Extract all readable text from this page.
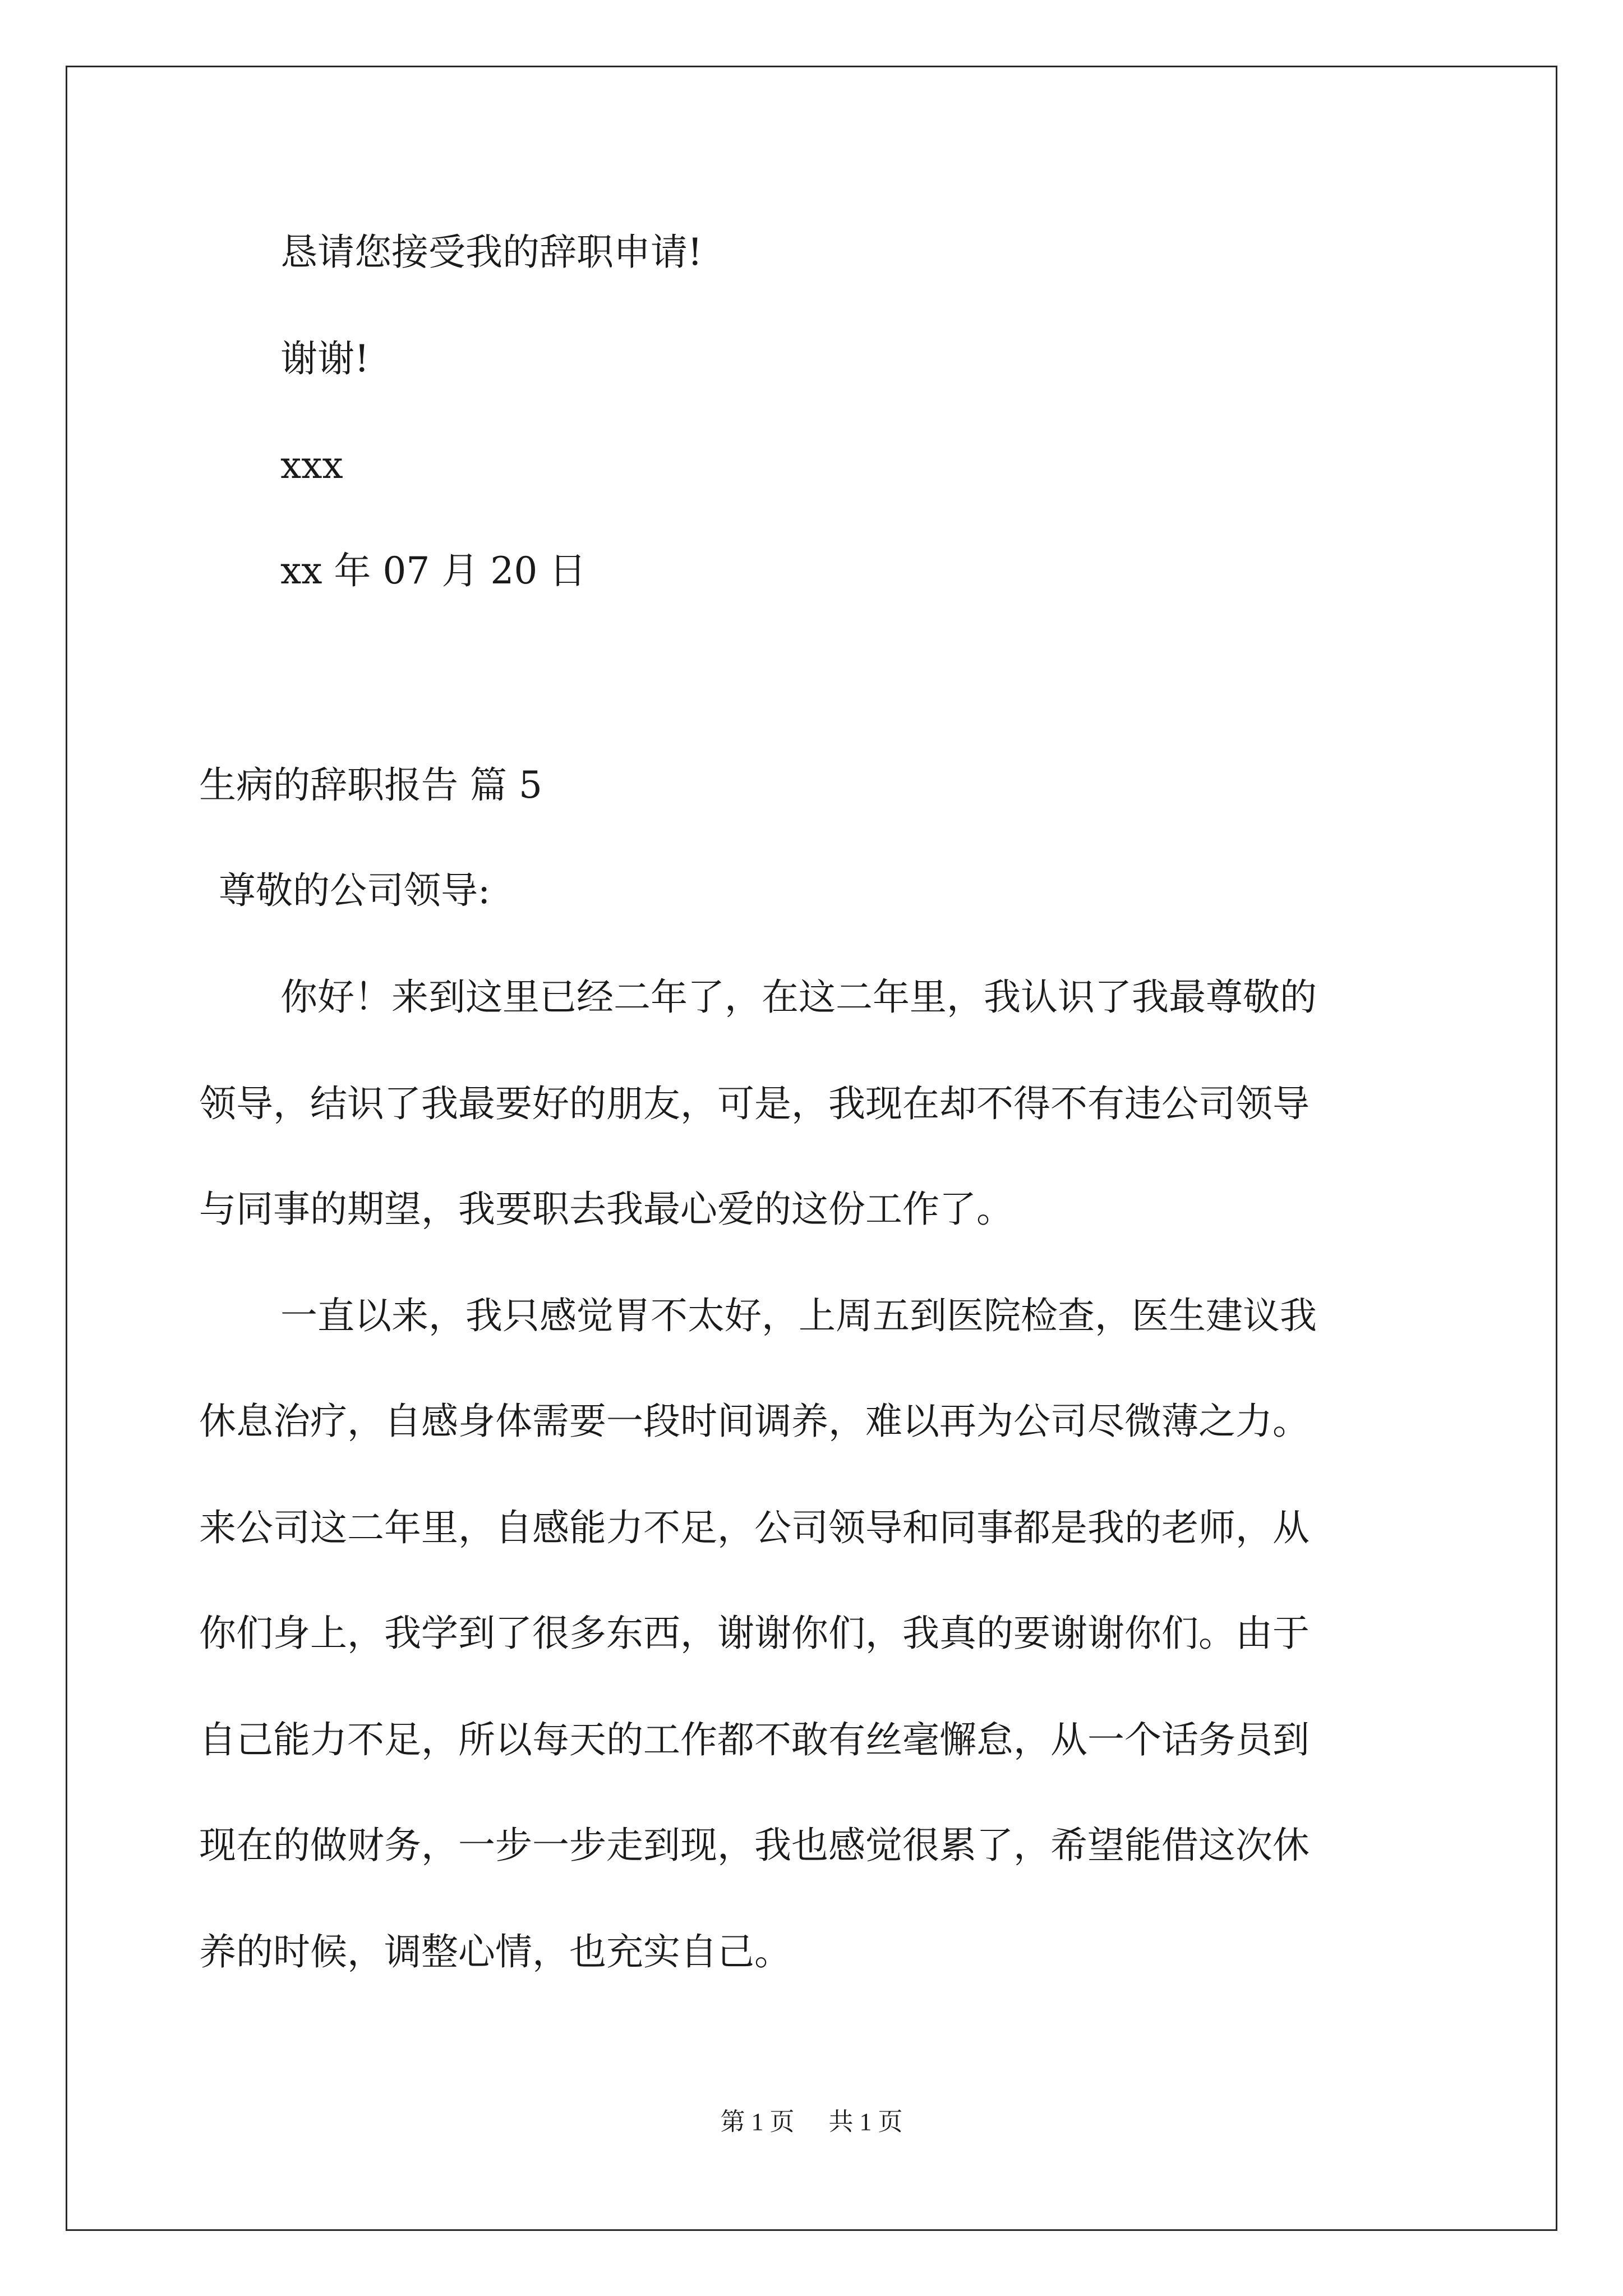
恳请您接受我的辞职申请!
谢谢!
xxx
xx 年 07 月 20 日
生病的辞职报告 篇 5
尊敬的公司领导:
你好！来到这里已经二年了，在这二年里，我认识了我最尊敬的
领导，结识了我最要好的朋友，可是，我现在却不得不有违公司领导
与同事的期望，我要职去我最心爱的这份工作了。
一直以来，我只感觉胃不太好，上周五到医院检查，医生建议我
休息治疗，自感身体需要一段时间调养，难以再为公司尽微薄之力。
来公司这二年里，自感能力不足，公司领导和同事都是我的老师，从
你们身上，我学到了很多东西，谢谢你们，我真的要谢谢你们。由于
自己能力不足，所以每天的工作都不敢有丝毫懈怠，从一个话务员到
现在的做财务，一步一步走到现，我也感觉很累了，希望能借这次休
养的时候，调整心情，也充实自己。
第 1 页 共 1 页
